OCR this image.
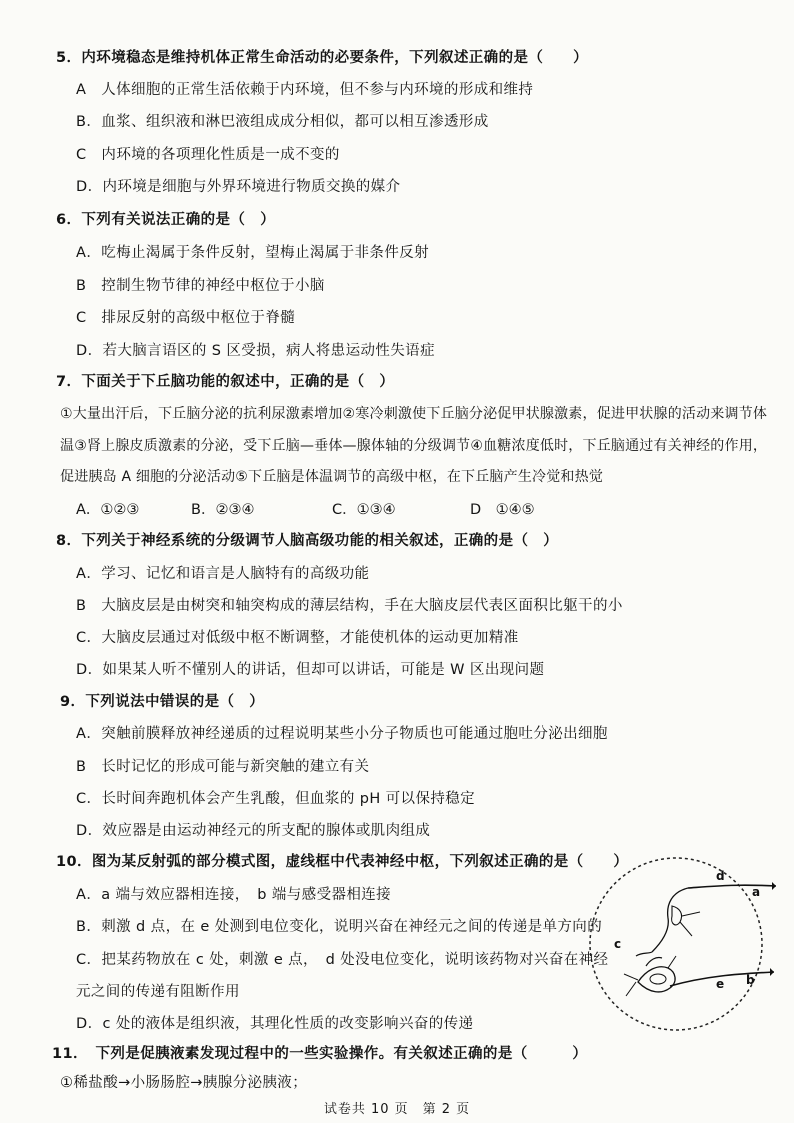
5．内环境稳态是维持机体正常生命活动的必要条件，下列叙述正确的是（　　）
A　人体细胞的正常生活依赖于内环境，但不参与内环境的形成和维持
B．血浆、组织液和淋巴液组成成分相似，都可以相互渗透形成
C　内环境的各项理化性质是一成不变的
D．内环境是细胞与外界环境进行物质交换的媒介
6．下列有关说法正确的是（　）
A．吃梅止渴属于条件反射，望梅止渴属于非条件反射
B　控制生物节律的神经中枢位于小脑
C　排尿反射的高级中枢位于脊髓
D．若大脑言语区的 S 区受损，病人将患运动性失语症
7．下面关于下丘脑功能的叙述中，正确的是（　）
①大量出汗后，下丘脑分泌的抗利尿激素增加②寒冷刺激使下丘脑分泌促甲状腺激素，促进甲状腺的活动来调节体
温③肾上腺皮质激素的分泌，受下丘脑—垂体—腺体轴的分级调节④血糖浓度低时，下丘脑通过有关神经的作用，
促进胰岛 A 细胞的分泌活动⑤下丘脑是体温调节的高级中枢，在下丘脑产生冷觉和热觉
A．①②③	B．②③④	C．①③④	D　①④⑤
8．下列关于神经系统的分级调节人脑高级功能的相关叙述，正确的是（　）
A．学习、记忆和语言是人脑特有的高级功能
B　大脑皮层是由树突和轴突构成的薄层结构，手在大脑皮层代表区面积比躯干的小
C．大脑皮层通过对低级中枢不断调整，才能使机体的运动更加精准
D．如果某人听不懂别人的讲话，但却可以讲话，可能是 W 区出现问题
9．下列说法中错误的是（　）
A．突触前膜释放神经递质的过程说明某些小分子物质也可能通过胞吐分泌出细胞
B　长时记忆的形成可能与新突触的建立有关
C．长时间奔跑机体会产生乳酸，但血浆的 pH 可以保持稳定
D．效应器是由运动神经元的所支配的腺体或肌肉组成
10．图为某反射弧的部分模式图，虚线框中代表神经中枢，下列叙述正确的是（　　）
A．a 端与效应器相连接，　b 端与感受器相连接
B．刺激 d 点，在 e 处测到电位变化，说明兴奋在神经元之间的传递是单方向的
C．把某药物放在 c 处，刺激 e 点，　d 处没电位变化，说明该药物对兴奋在神经
元之间的传递有阻断作用
D．c 处的液体是组织液，其理化性质的改变影响兴奋的传递
d
a
c
e b
11．　下列是促胰液素发现过程中的一些实验操作。有关叙述正确的是（　　　）
①稀盐酸→小肠肠腔→胰腺分泌胰液；
试卷共 10 页　第 2 页
